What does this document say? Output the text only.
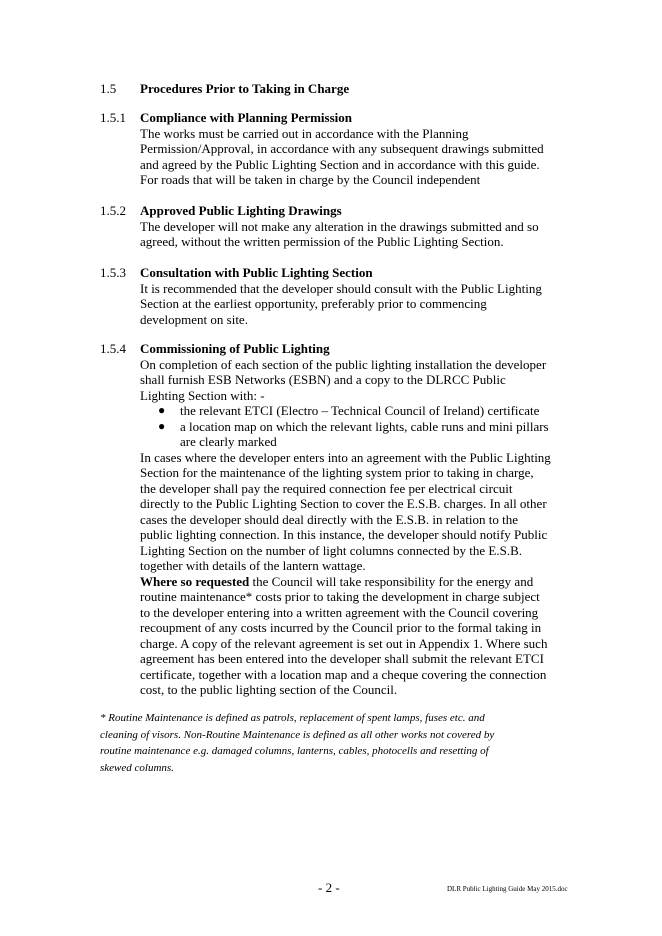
1.5 Procedures Prior to Taking in Charge
1.5.1 Compliance with Planning Permission
The works must be carried out in accordance with the Planning
Permission/Approval, in accordance with any subsequent drawings submitted
and agreed by the Public Lighting Section and in accordance with this guide.
For roads that will be taken in charge by the Council independent
1.5.2 Approved Public Lighting Drawings
The developer will not make any alteration in the drawings submitted and so
agreed, without the written permission of the Public Lighting Section.
1.5.3 Consultation with Public Lighting Section
It is recommended that the developer should consult with the Public Lighting
Section at the earliest opportunity, preferably prior to commencing
development on site.
1.5.4 Commissioning of Public Lighting
On completion of each section of the public lighting installation the developer
shall furnish ESB Networks (ESBN) and a copy to the DLRCC Public
Lighting Section with: -
● the relevant ETCI (Electro – Technical Council of Ireland) certificate
● a location map on which the relevant lights, cable runs and mini pillars
are clearly marked
In cases where the developer enters into an agreement with the Public Lighting
Section for the maintenance of the lighting system prior to taking in charge,
the developer shall pay the required connection fee per electrical circuit
directly to the Public Lighting Section to cover the E.S.B. charges. In all other
cases the developer should deal directly with the E.S.B. in relation to the
public lighting connection. In this instance, the developer should notify Public
Lighting Section on the number of light columns connected by the E.S.B.
together with details of the lantern wattage.
Where so requested the Council will take responsibility for the energy and
routine maintenance* costs prior to taking the development in charge subject
to the developer entering into a written agreement with the Council covering
recoupment of any costs incurred by the Council prior to the formal taking in
charge. A copy of the relevant agreement is set out in Appendix 1. Where such
agreement has been entered into the developer shall submit the relevant ETCI
certificate, together with a location map and a cheque covering the connection
cost, to the public lighting section of the Council.
* Routine Maintenance is defined as patrols, replacement of spent lamps, fuses etc. and
cleaning of visors. Non-Routine Maintenance is defined as all other works not covered by
routine maintenance e.g. damaged columns, lanterns, cables, photocells and resetting of
skewed columns.
- 2 -	DLR Public Lighting Guide May 2015.doc
